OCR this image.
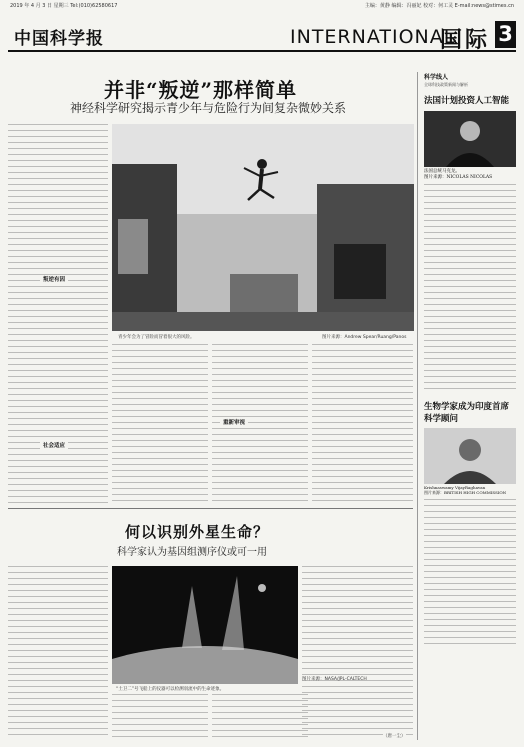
2019 年 4 月 3 日 星期三 Tel:(010)62580617	主编：黄静 编辑：冯丽妃 校对：何工灵 E-mail:news@stimes.cn
中国科学报	INTERNATIONAL
国际 3
并非“叛逆”那样简单
神经科学研究揭示青少年与危险行为间复杂微妙关系
青少年会为了冒险而冒着很大的风险。	图片来源：Andrew Spear/Ruang/Panos
叛逆有因
社会适应
重新审视
何以识别外星生命？
科学家认为基因组测序仪或可一用
“土卫二”号飞船上的仪器可以检测羽流中的生命迹象。
图片来源：NASA/JPL-CALTECH
（唐一尘）
科学线人
全球科技政策新闻与解析
法国计划投资人工智能
法国总统马克龙。
图片来源：NICOLAS NICOLAS
生物学家成为印度首席科学顾问
Krishnaswamy VijayRaghavan
图片来源：BRITISH HIGH COMMISSION
